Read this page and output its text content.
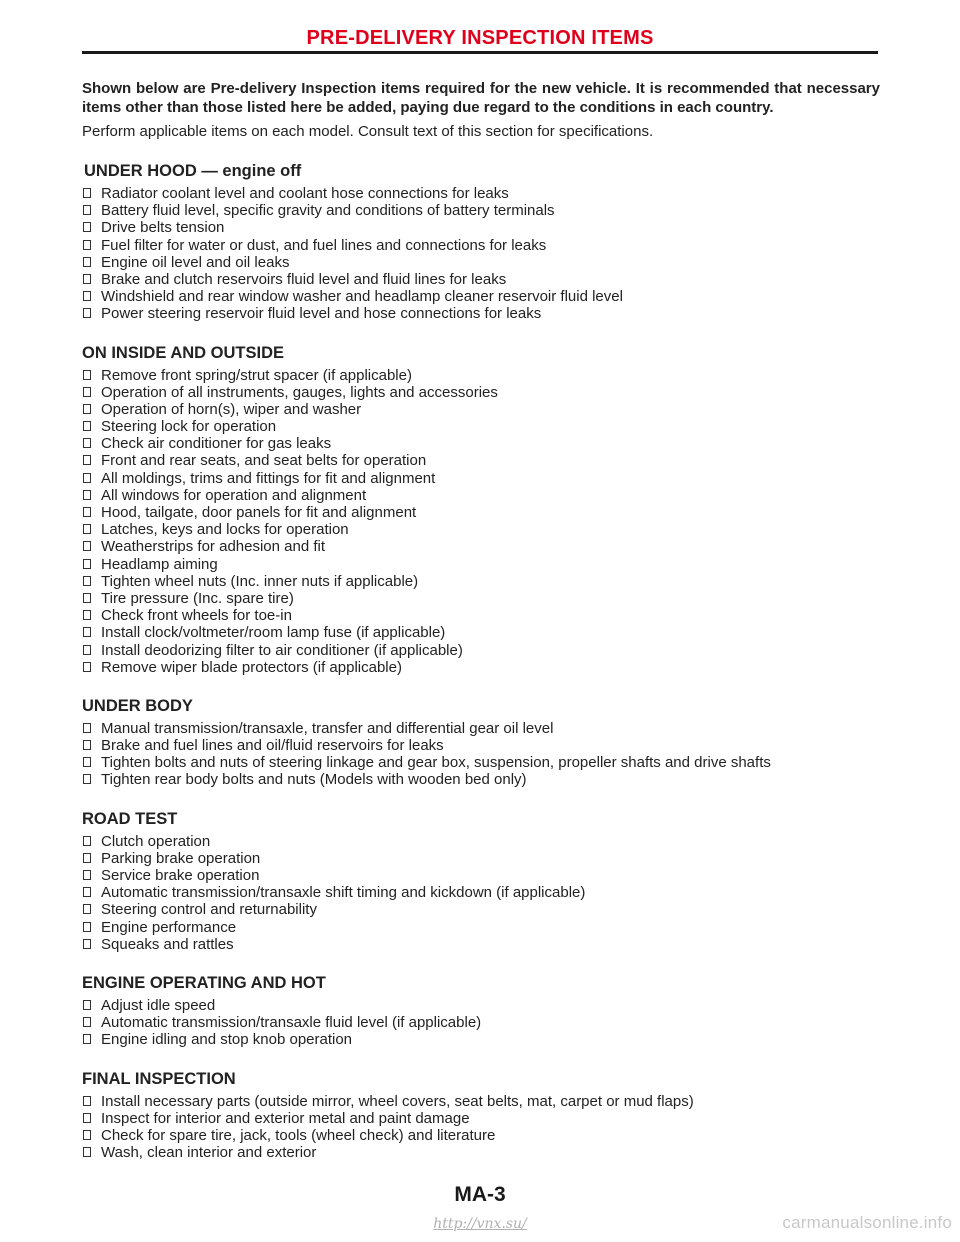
PRE-DELIVERY INSPECTION ITEMS

Shown below are Pre-delivery Inspection items required for the new vehicle. It is recommended that necessary items other than those listed here be added, paying due regard to the conditions in each country.

Perform applicable items on each model. Consult text of this section for specifications.

UNDER HOOD — engine off
Radiator coolant level and coolant hose connections for leaks
Battery fluid level, specific gravity and conditions of battery terminals
Drive belts tension
Fuel filter for water or dust, and fuel lines and connections for leaks
Engine oil level and oil leaks
Brake and clutch reservoirs fluid level and fluid lines for leaks
Windshield and rear window washer and headlamp cleaner reservoir fluid level
Power steering reservoir fluid level and hose connections for leaks
ON INSIDE AND OUTSIDE
Remove front spring/strut spacer (if applicable)
Operation of all instruments, gauges, lights and accessories
Operation of horn(s), wiper and washer
Steering lock for operation
Check air conditioner for gas leaks
Front and rear seats, and seat belts for operation
All moldings, trims and fittings for fit and alignment
All windows for operation and alignment
Hood, tailgate, door panels for fit and alignment
Latches, keys and locks for operation
Weatherstrips for adhesion and fit
Headlamp aiming
Tighten wheel nuts (Inc. inner nuts if applicable)
Tire pressure (Inc. spare tire)
Check front wheels for toe-in
Install clock/voltmeter/room lamp fuse (if applicable)
Install deodorizing filter to air conditioner (if applicable)
Remove wiper blade protectors (if applicable)
UNDER BODY
Manual transmission/transaxle, transfer and differential gear oil level
Brake and fuel lines and oil/fluid reservoirs for leaks
Tighten bolts and nuts of steering linkage and gear box, suspension, propeller shafts and drive shafts
Tighten rear body bolts and nuts (Models with wooden bed only)
ROAD TEST
Clutch operation
Parking brake operation
Service brake operation
Automatic transmission/transaxle shift timing and kickdown (if applicable)
Steering control and returnability
Engine performance
Squeaks and rattles
ENGINE OPERATING AND HOT
Adjust idle speed
Automatic transmission/transaxle fluid level (if applicable)
Engine idling and stop knob operation
FINAL INSPECTION
Install necessary parts (outside mirror, wheel covers, seat belts, mat, carpet or mud flaps)
Inspect for interior and exterior metal and paint damage
Check for spare tire, jack, tools (wheel check) and literature
Wash, clean interior and exterior
MA-3
http://vnx.su/	carmanualsonline.info
